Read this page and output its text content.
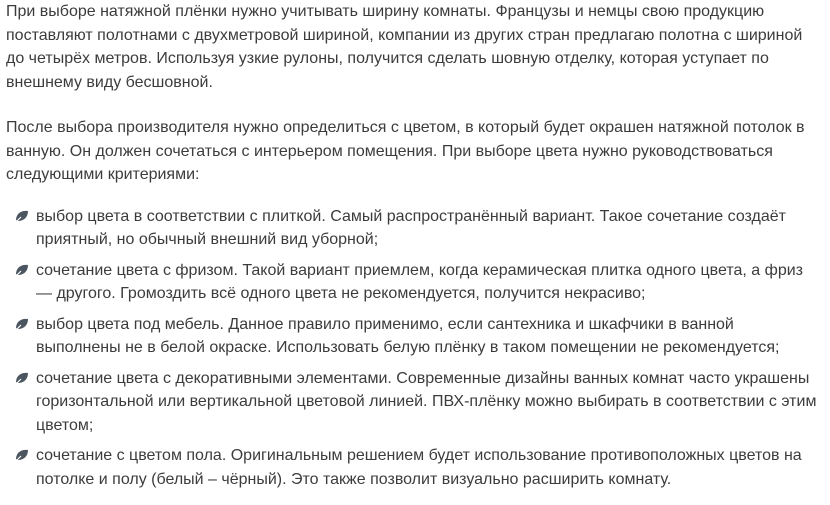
При выборе натяжной плёнки нужно учитывать ширину комнаты. Французы и немцы свою продукцию поставляют полотнами с двухметровой шириной, компании из других стран предлагаю полотна с шириной до четырёх метров. Используя узкие рулоны, получится сделать шовную отделку, которая уступает по внешнему виду бесшовной.

После выбора производителя нужно определиться с цветом, в который будет окрашен натяжной потолок в ванную. Он должен сочетаться с интерьером помещения. При выборе цвета нужно руководствоваться следующими критериями:

выбор цвета в соответствии с плиткой. Самый распространённый вариант. Такое сочетание создаёт приятный, но обычный внешний вид уборной;
сочетание цвета с фризом. Такой вариант приемлем, когда керамическая плитка одного цвета, а фриз — другого. Громоздить всё одного цвета не рекомендуется, получится некрасиво;
выбор цвета под мебель. Данное правило применимо, если сантехника и шкафчики в ванной выполнены не в белой окраске. Использовать белую плёнку в таком помещении не рекомендуется;
сочетание цвета с декоративными элементами. Современные дизайны ванных комнат часто украшены горизонтальной или вертикальной цветовой линией. ПВХ-плёнку можно выбирать в соответствии с этим цветом;
сочетание с цветом пола. Оригинальным решением будет использование противоположных цветов на потолке и полу (белый – чёрный). Это также позволит визуально расширить комнату.
